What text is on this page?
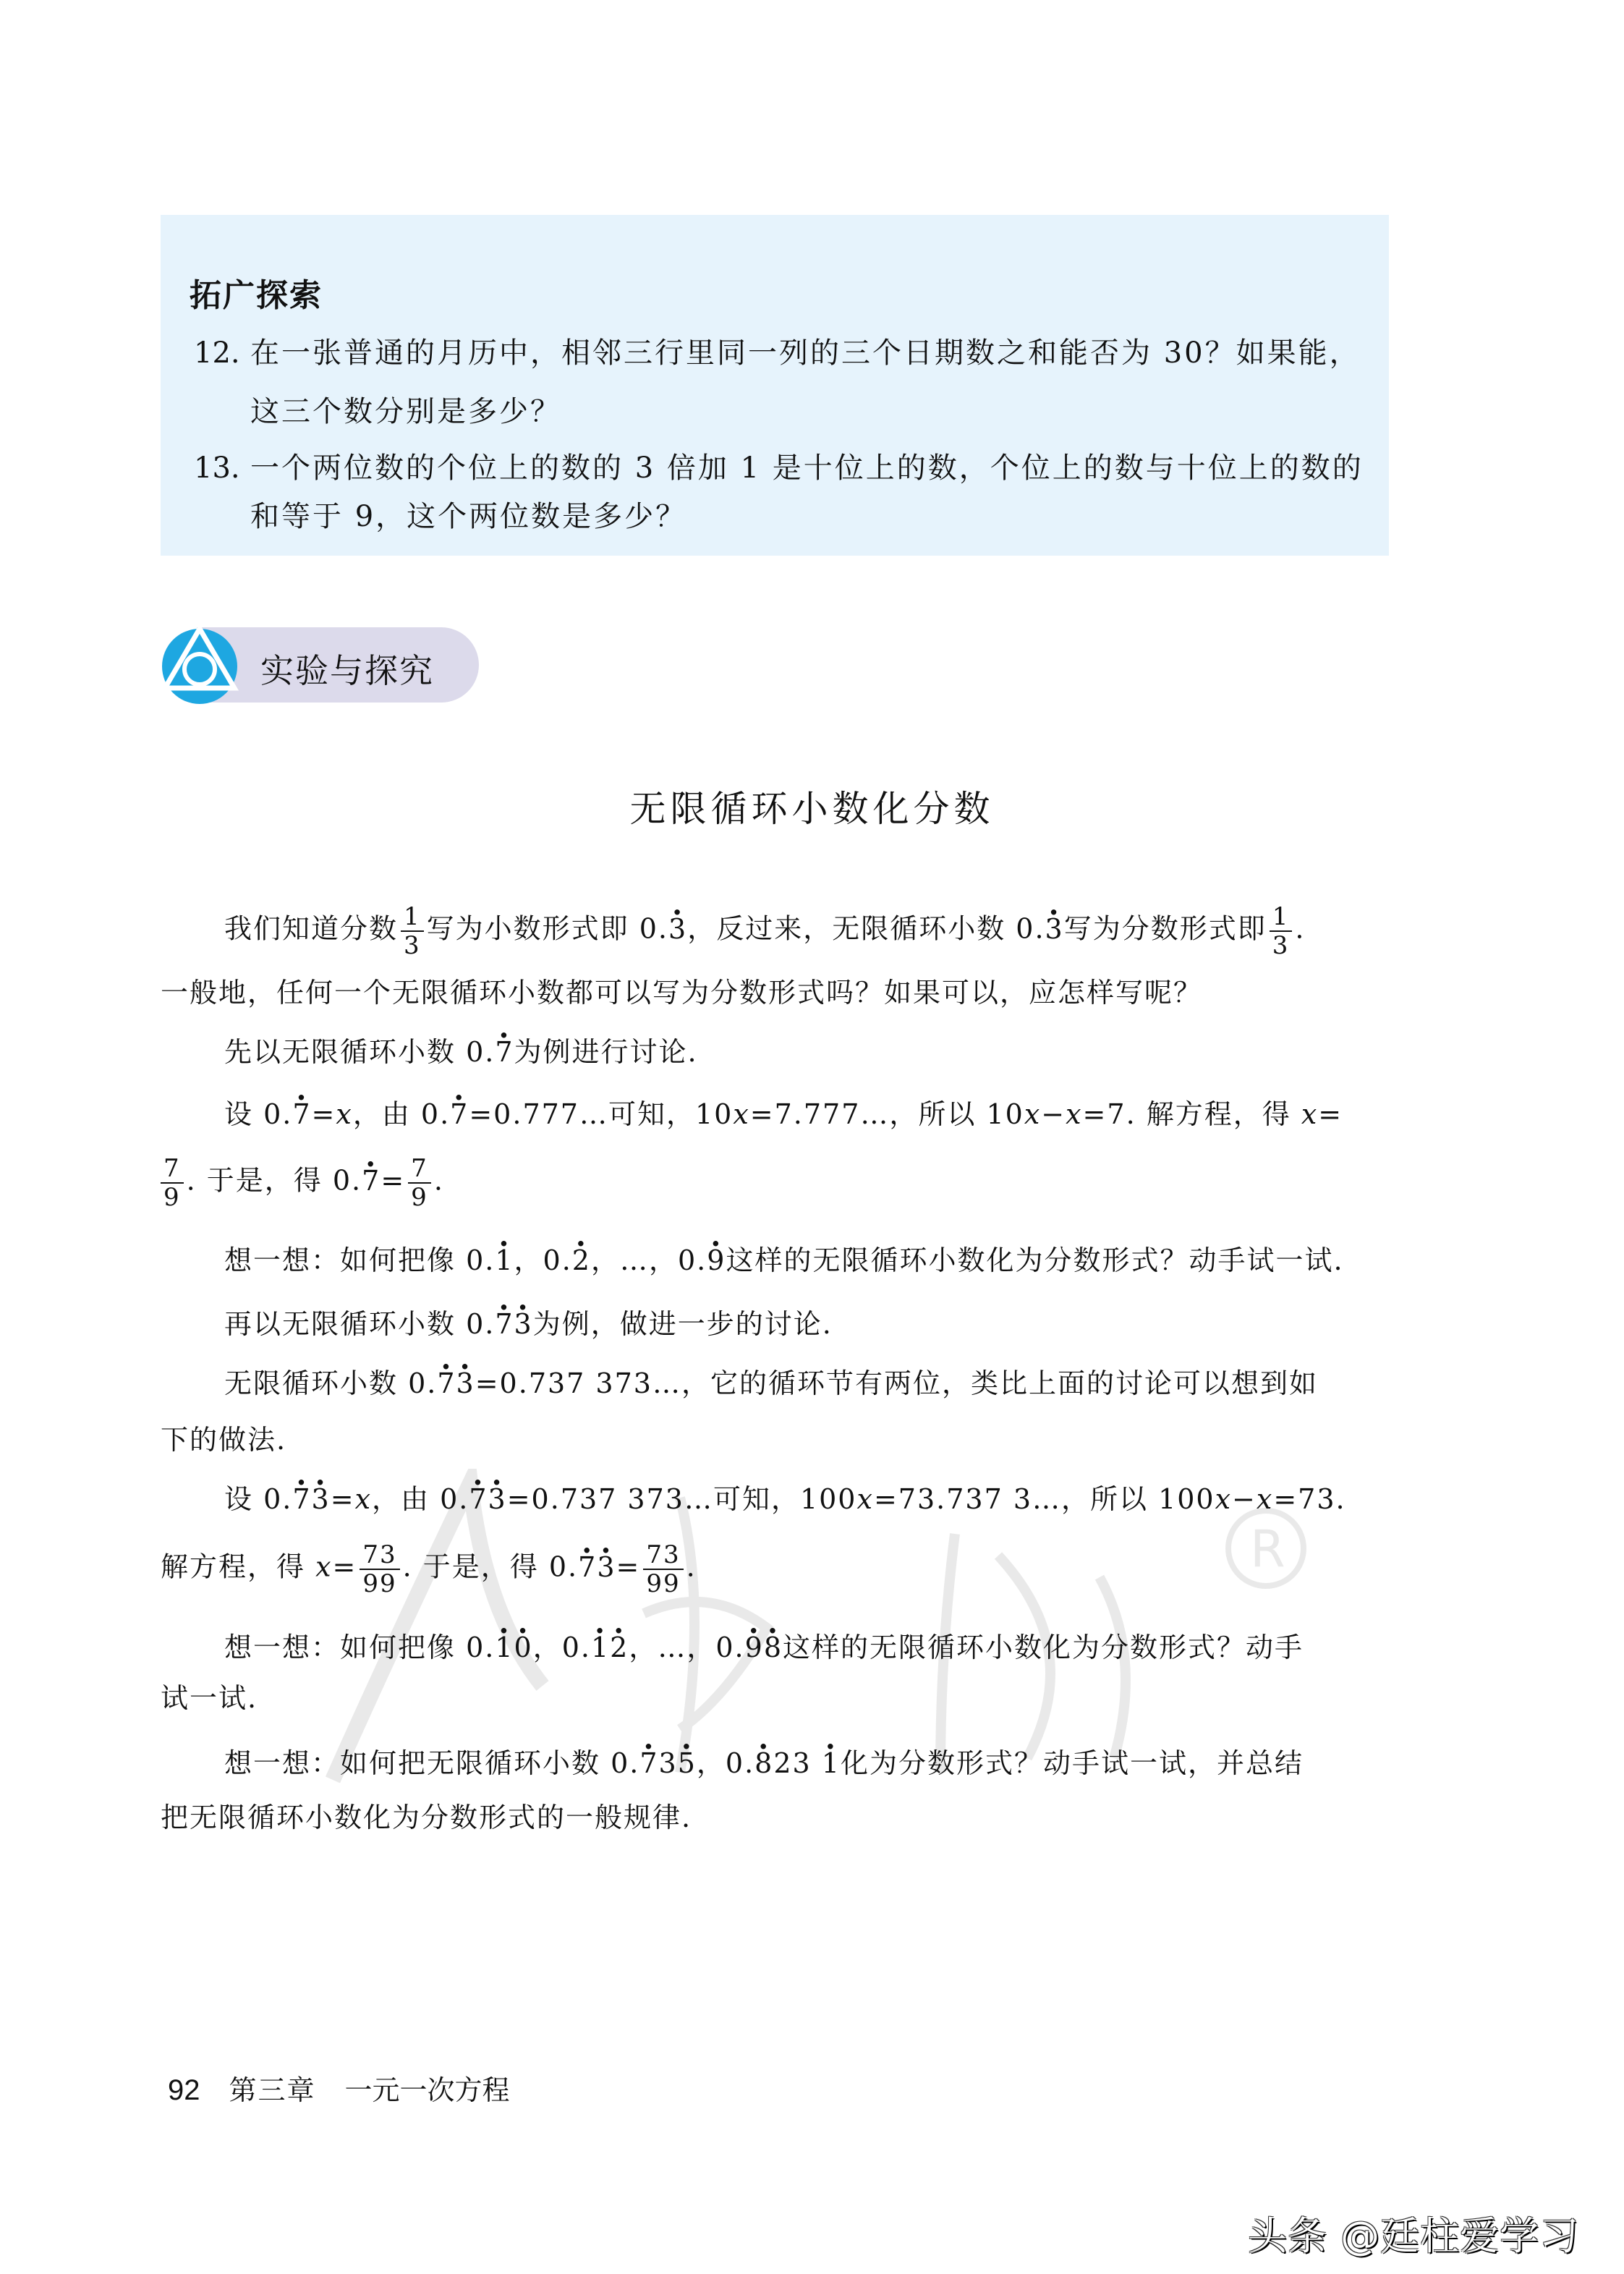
拓广探索
12. 在一张普通的月历中，相邻三行里同一列的三个日期数之和能否为 30？如果能，
这三个数分别是多少？
13. 一个两位数的个位上的数的 3 倍加 1 是十位上的数，个位上的数与十位上的数的
和等于 9，这个两位数是多少？
实验与探究
R
无限循环小数化分数
我们知道分数 $\frac{1}{3}$ 写为小数形式即 0.· 3，反过来，无限循环小数 0.· 3写为分数形式即 $\frac{1}{3}$ .
一般地，任何一个无限循环小数都可以写为分数形式吗？如果可以，应怎样写呢？
先以无限循环小数 0.· 7为例进行讨论.
设 0.· 7=x，由 0.· 7=0.777…可知，10x=7.777…，所以 10x−x=7. 解方程，得 x=
$\frac{7}{9}$ . 于是，得 $0.\cdot 7= \frac{7}{9}$ .
想一想：如何把像 0.· 1，0.· 2，…，0.· 9这样的无限循环小数化为分数形式？动手试一试.
再以无限循环小数 0.· 7· 3为例，做进一步的讨论.
无限循环小数 0.· 7· 3=0.737 373…，它的循环节有两位，类比上面的讨论可以想到如
下的做法.
设 0.· 7· 3=x，由 0.· 7· 3=0.737 373…可知，100x=73.737 3…，所以 100x−x=73.
解方程，得 $x= \frac{73}{99}$ . 于是，得 $0.\cdot 7\cdot 3= \frac{73}{99}$ .
想一想：如何把像 0.· 1· 0，0.· 1· 2，…，0.· 9· 8这样的无限循环小数化为分数形式？动手
试一试.
想一想：如何把无限循环小数 0.· 73· 5，0.· 823 · 1化为分数形式？动手试一试，并总结
把无限循环小数化为分数形式的一般规律.
92 第三章 一元一次方程
头条 @廷柱爱学习
